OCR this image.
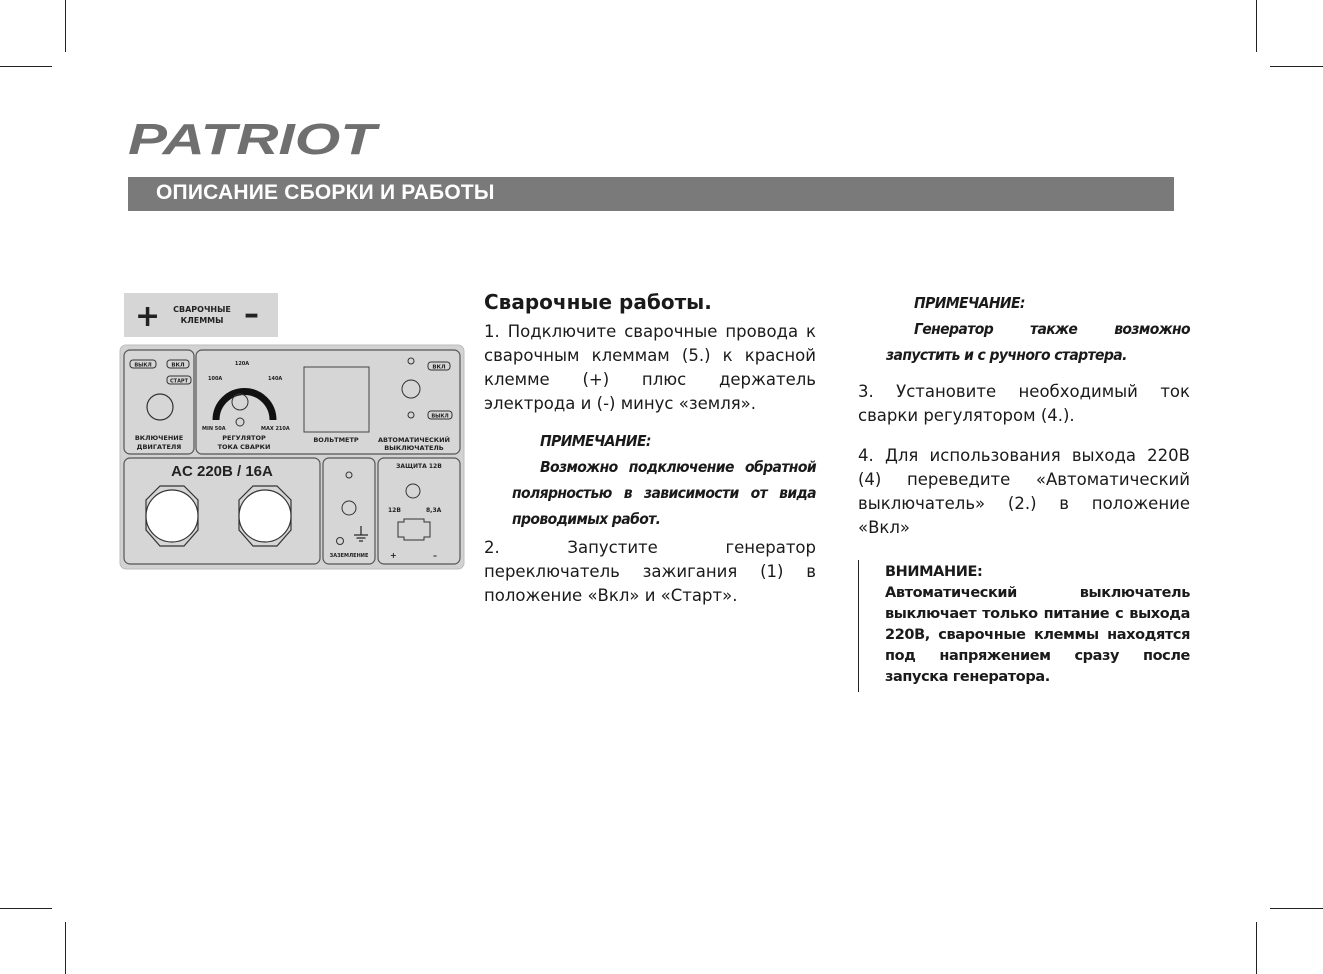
PATRIOT
ОПИСАНИЕ СБОРКИ И РАБОТЫ
+	–
СВАРОЧНЫЕ
КЛЕММЫ
ВЫКЛ	ВКЛ
СТАРТ
ВКЛЮЧЕНИЕ
ДВИГАТЕЛЯ
120A
100A	140A
MIN 50A	MAX 210A
РЕГУЛЯТОР
ТОКА СВАРКИ
ВОЛЬТМЕТР
ВКЛ
ВЫКЛ
АВТОМАТИЧЕСКИЙ
ВЫКЛЮЧАТЕЛЬ
AC 220B / 16A
ЗАЗЕМЛЕНИЕ
ЗАЩИТА 12В
12В	8,3A
+	–
Сварочные работы.

1. Подключите сварочные провода к сварочным клеммам (5.) к красной клемме (+) плюс держатель электрода и (-) минус «земля».

ПРИМЕЧАНИЕ:
Возможно подключение обратной полярностью в зависимости от вида проводимых работ.

2. Запустите генератор переключатель зажигания (1) в положение «Вкл» и «Старт».

ПРИМЕЧАНИЕ:
Генератор также возможно запустить и с ручного стартера.

3. Установите необходимый ток сварки регулятором (4.).

4. Для использования выхода 220В (4) переведите «Автоматический выключатель» (2.) в положение «Вкл»

ВНИМАНИЕ:
Автоматический выключатель выключает только питание с выхода 220В, сварочные клеммы находятся под напряжением сразу после запуска генератора.
